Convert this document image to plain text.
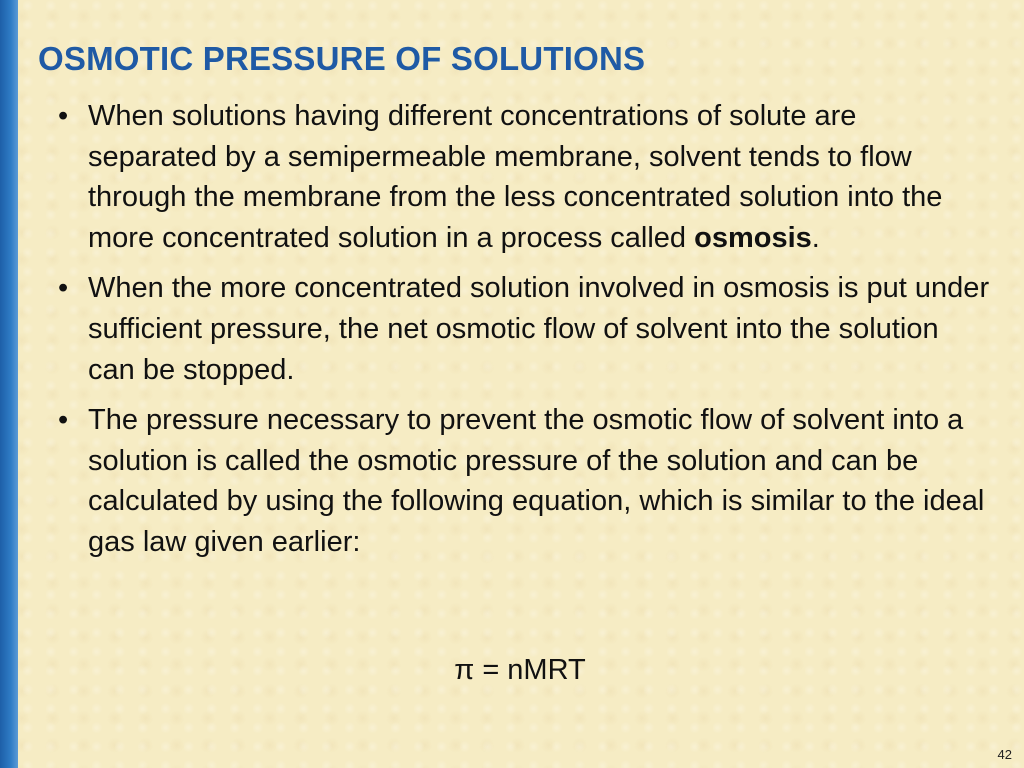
OSMOTIC PRESSURE OF SOLUTIONS
• When solutions having different concentrations of solute are separated by a semipermeable membrane, solvent tends to flow through the membrane from the less concentrated solution into the more concentrated solution in a process called osmosis.
• When the more concentrated solution involved in osmosis is put under sufficient pressure, the net osmotic flow of solvent into the solution can be stopped.
• The pressure necessary to prevent the osmotic flow of solvent into a solution is called the osmotic pressure of the solution and can be calculated by using the following equation, which is similar to the ideal gas law given earlier:
π = nMRT
42
